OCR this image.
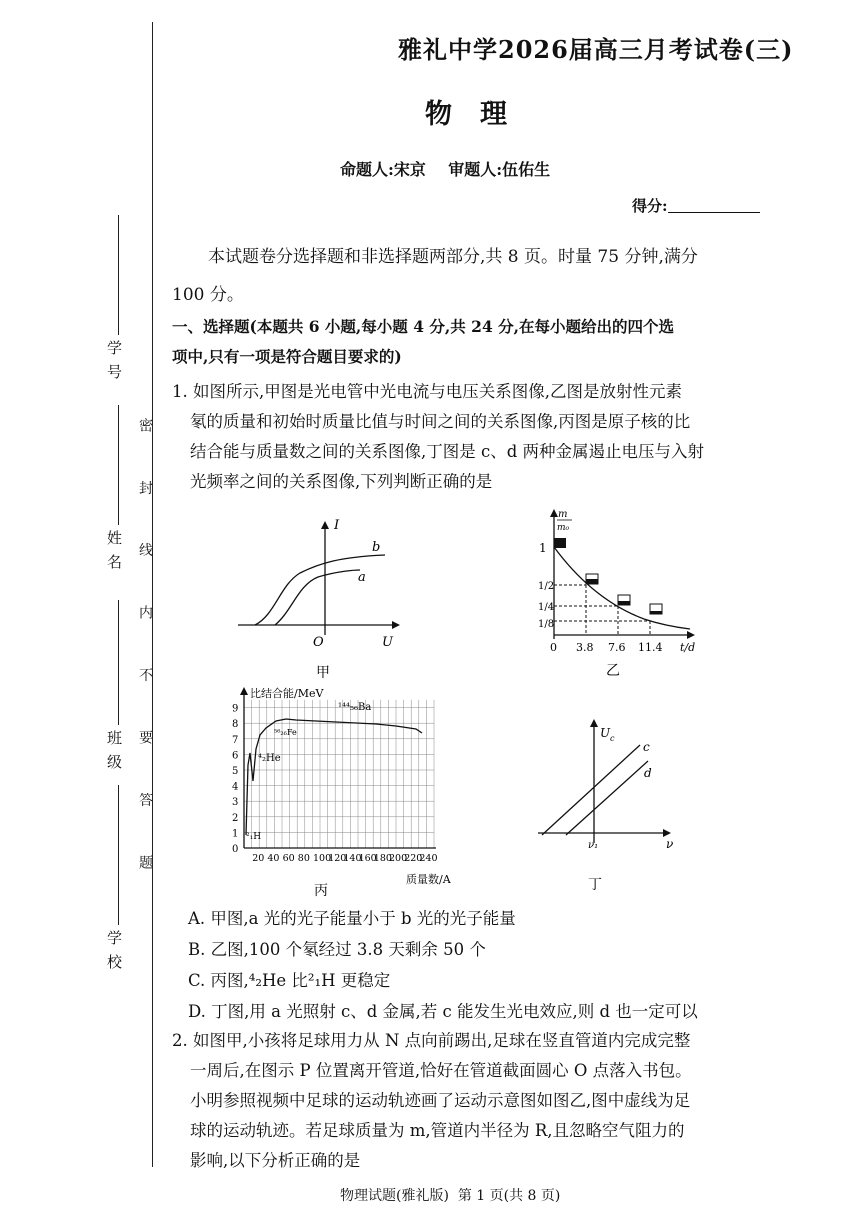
学 号
姓 名
班 级
学 校
密 封 线 内 不 要 答 题
雅礼中学2026届高三月考试卷(三)
物理
命题人:宋京    审题人:伍佑生
得分:
本试题卷分选择题和非选择题两部分,共 8 页。时量 75 分钟,满分
100 分。
一、选择题(本题共 6 小题,每小题 4 分,共 24 分,在每小题给出的四个选
项中,只有一项是符合题目要求的)
1. 如图所示,甲图是光电管中光电流与电压关系图像,乙图是放射性元素
氡的质量和初始时质量比值与时间之间的关系图像,丙图是原子核的比
结合能与质量数之间的关系图像,丁图是 c、d 两种金属遏止电压与入射
光频率之间的关系图像,下列判断正确的是
I
U
O
b
a
甲
m
m₀
1
1/2
1/4
1/8
0 3.8 7.6 11.4 t/d
乙
0
1
2
3
4
5
6
7
8
9
20 40 60 80 100
120
140
160
180
200
220
240
比结合能/MeV
质量数/A
¹⁴⁴₅₆Ba
⁵⁶₂₆Fe
⁴₂He
²₁H
丙
U c
c
d
ν₁	ν
丁
A. 甲图,a 光的光子能量小于 b 光的光子能量
B. 乙图,100 个氡经过 3.8 天剩余 50 个
C. 丙图,⁴₂He 比²₁H 更稳定
D. 丁图,用 a 光照射 c、d 金属,若 c 能发生光电效应,则 d 也一定可以
2. 如图甲,小孩将足球用力从 N 点向前踢出,足球在竖直管道内完成完整
一周后,在图示 P 位置离开管道,恰好在管道截面圆心 O 点落入书包。
小明参照视频中足球的运动轨迹画了运动示意图如图乙,图中虚线为足
球的运动轨迹。若足球质量为 m,管道内半径为 R,且忽略空气阻力的
影响,以下分析正确的是
物理试题(雅礼版)  第 1 页(共 8 页)
